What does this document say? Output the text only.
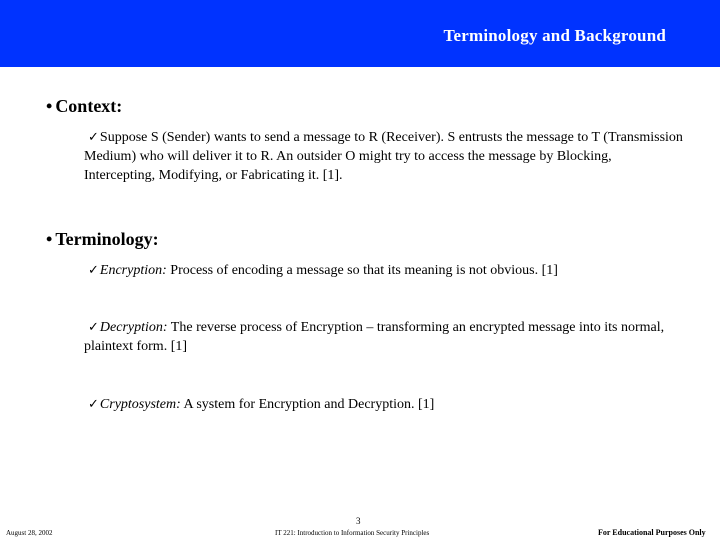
Terminology and Background
• Context:
✓Suppose S (Sender) wants to send a message to R (Receiver). S entrusts the message to T (Transmission Medium) who will deliver it to R. An outsider O might try to access the message by Blocking, Intercepting, Modifying, or Fabricating it. [1].
• Terminology:
✓Encryption: Process of encoding a message so that its meaning is not obvious. [1]
✓Decryption: The reverse process of Encryption – transforming an encrypted message into its normal, plaintext form. [1]
✓Cryptosystem: A system for Encryption and Decryption. [1]
3
August 28, 2002	IT 221: Introduction to Information Security Principles	For Educational Purposes Only
